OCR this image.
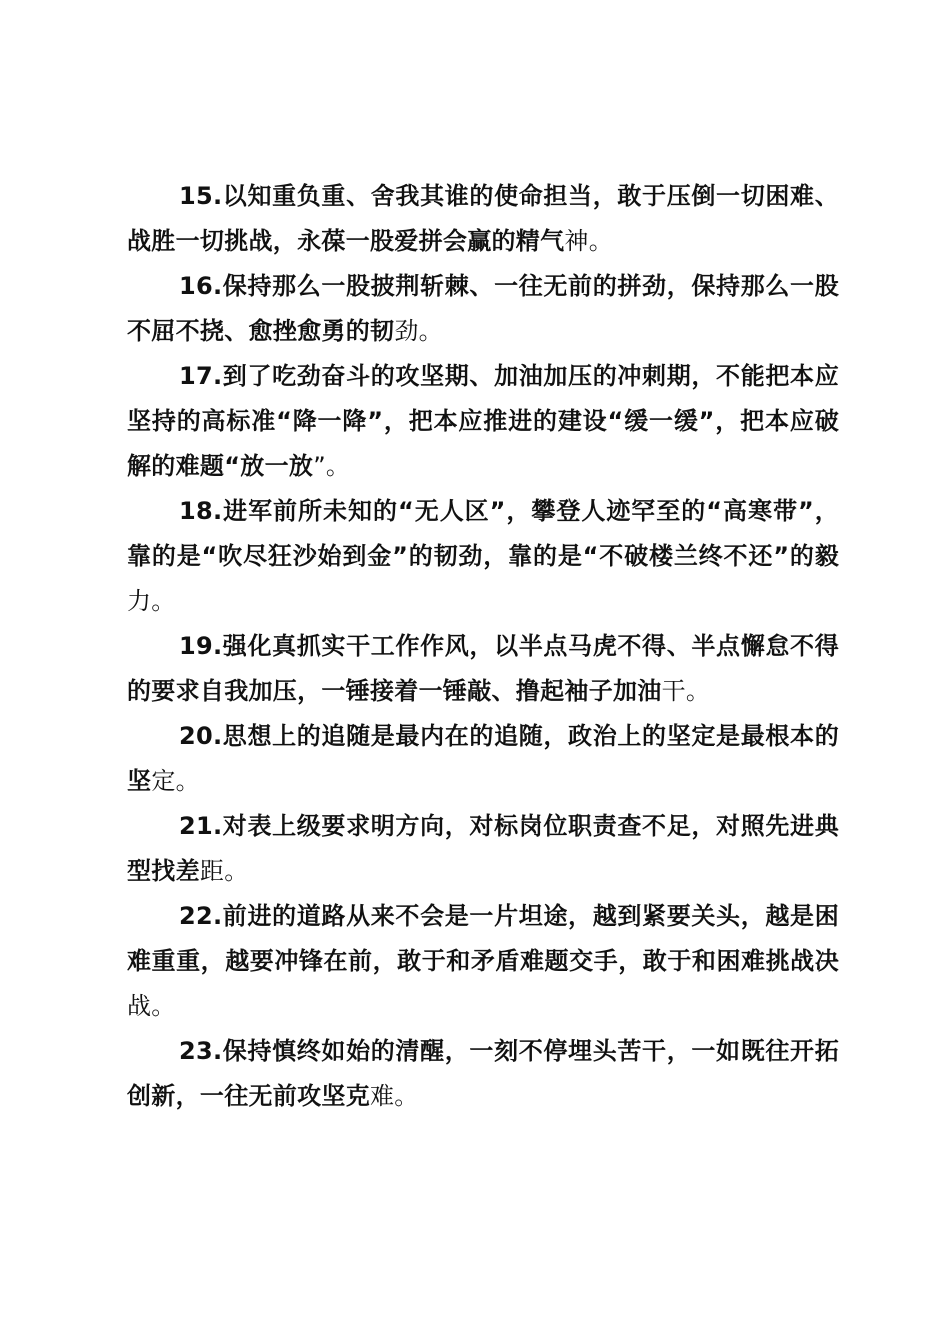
15.以知重负重、舍我其谁的使命担当，敢于压倒一切困难、战胜一切挑战，永葆一股爱拼会赢的精气神。

16.保持那么一股披荆斩棘、一往无前的拼劲，保持那么一股不屈不挠、愈挫愈勇的韧劲。

17.到了吃劲奋斗的攻坚期、加油加压的冲刺期，不能把本应坚持的高标准“降一降”，把本应推进的建设“缓一缓”，把本应破解的难题“放一放”。

18.进军前所未知的“无人区”，攀登人迹罕至的“高寒带”，靠的是“吹尽狂沙始到金”的韧劲，靠的是“不破楼兰终不还”的毅力。

19.强化真抓实干工作作风，以半点马虎不得、半点懈怠不得的要求自我加压，一锤接着一锤敲、撸起袖子加油干。

20.思想上的追随是最内在的追随，政治上的坚定是最根本的坚定。

21.对表上级要求明方向，对标岗位职责查不足，对照先进典型找差距。

22.前进的道路从来不会是一片坦途，越到紧要关头，越是困难重重，越要冲锋在前，敢于和矛盾难题交手，敢于和困难挑战决战。

23.保持慎终如始的清醒，一刻不停埋头苦干，一如既往开拓创新，一往无前攻坚克难。
